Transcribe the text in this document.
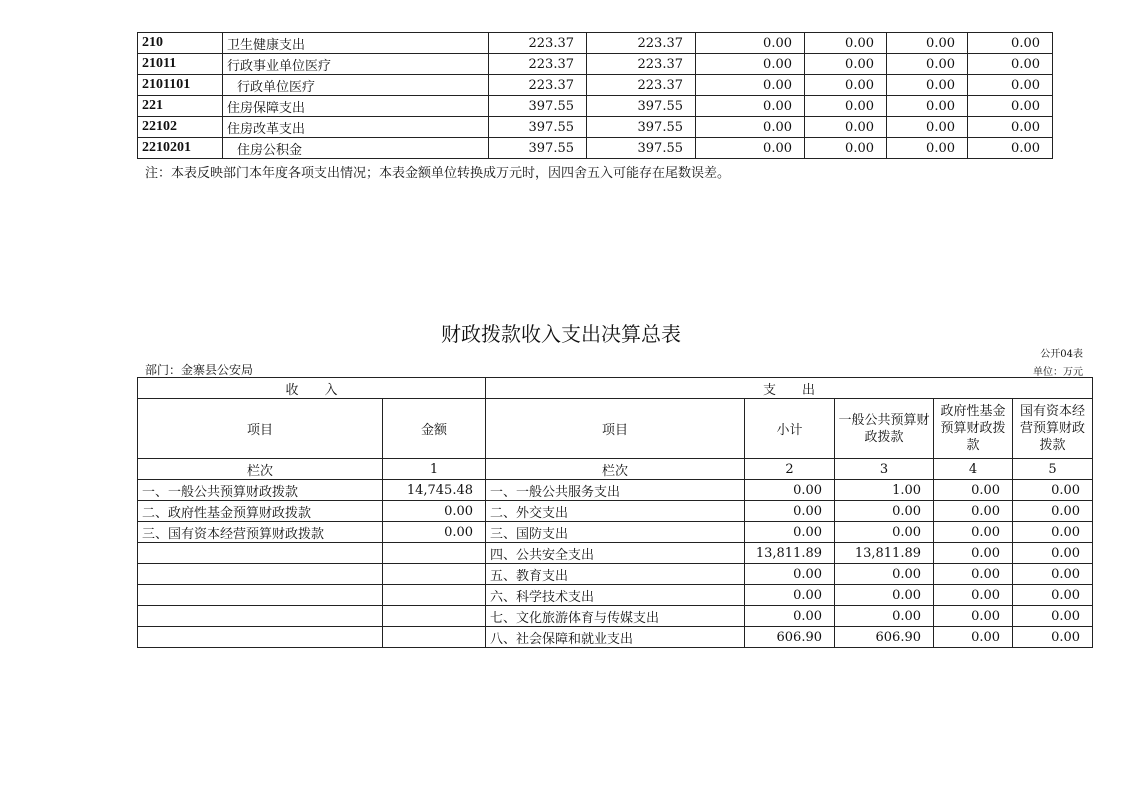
210	卫生健康支出	223.37	223.37	0.00	0.00	0.00	0.00
21011	行政事业单位医疗	223.37	223.37	0.00	0.00	0.00	0.00
2101101	行政单位医疗	223.37	223.37	0.00	0.00	0.00	0.00
221	住房保障支出	397.55	397.55	0.00	0.00	0.00	0.00
22102	住房改革支出	397.55	397.55	0.00	0.00	0.00	0.00
2210201	住房公积金	397.55	397.55	0.00	0.00	0.00	0.00
注：本表反映部门本年度各项支出情况；本表金额单位转换成万元时，因四舍五入可能存在尾数误差。
财政拨款收入支出决算总表
公开04表
部门：金寨县公安局	单位：万元
收　　入		支　　出				
项目	金额	项目	小计	一般公共预算财政拨款	政府性基金预算财政拨款	国有资本经营预算财政拨款
栏次	1	栏次	2	3	4	5
一、一般公共预算财政拨款	14,745.48	一、一般公共服务支出	0.00	1.00	0.00	0.00
二、政府性基金预算财政拨款	0.00	二、外交支出	0.00	0.00	0.00	0.00
三、国有资本经营预算财政拨款	0.00	三、国防支出	0.00	0.00	0.00	0.00
		四、公共安全支出	13,811.89	13,811.89	0.00	0.00
		五、教育支出	0.00	0.00	0.00	0.00
		六、科学技术支出	0.00	0.00	0.00	0.00
		七、文化旅游体育与传媒支出	0.00	0.00	0.00	0.00
		八、社会保障和就业支出	606.90	606.90	0.00	0.00
